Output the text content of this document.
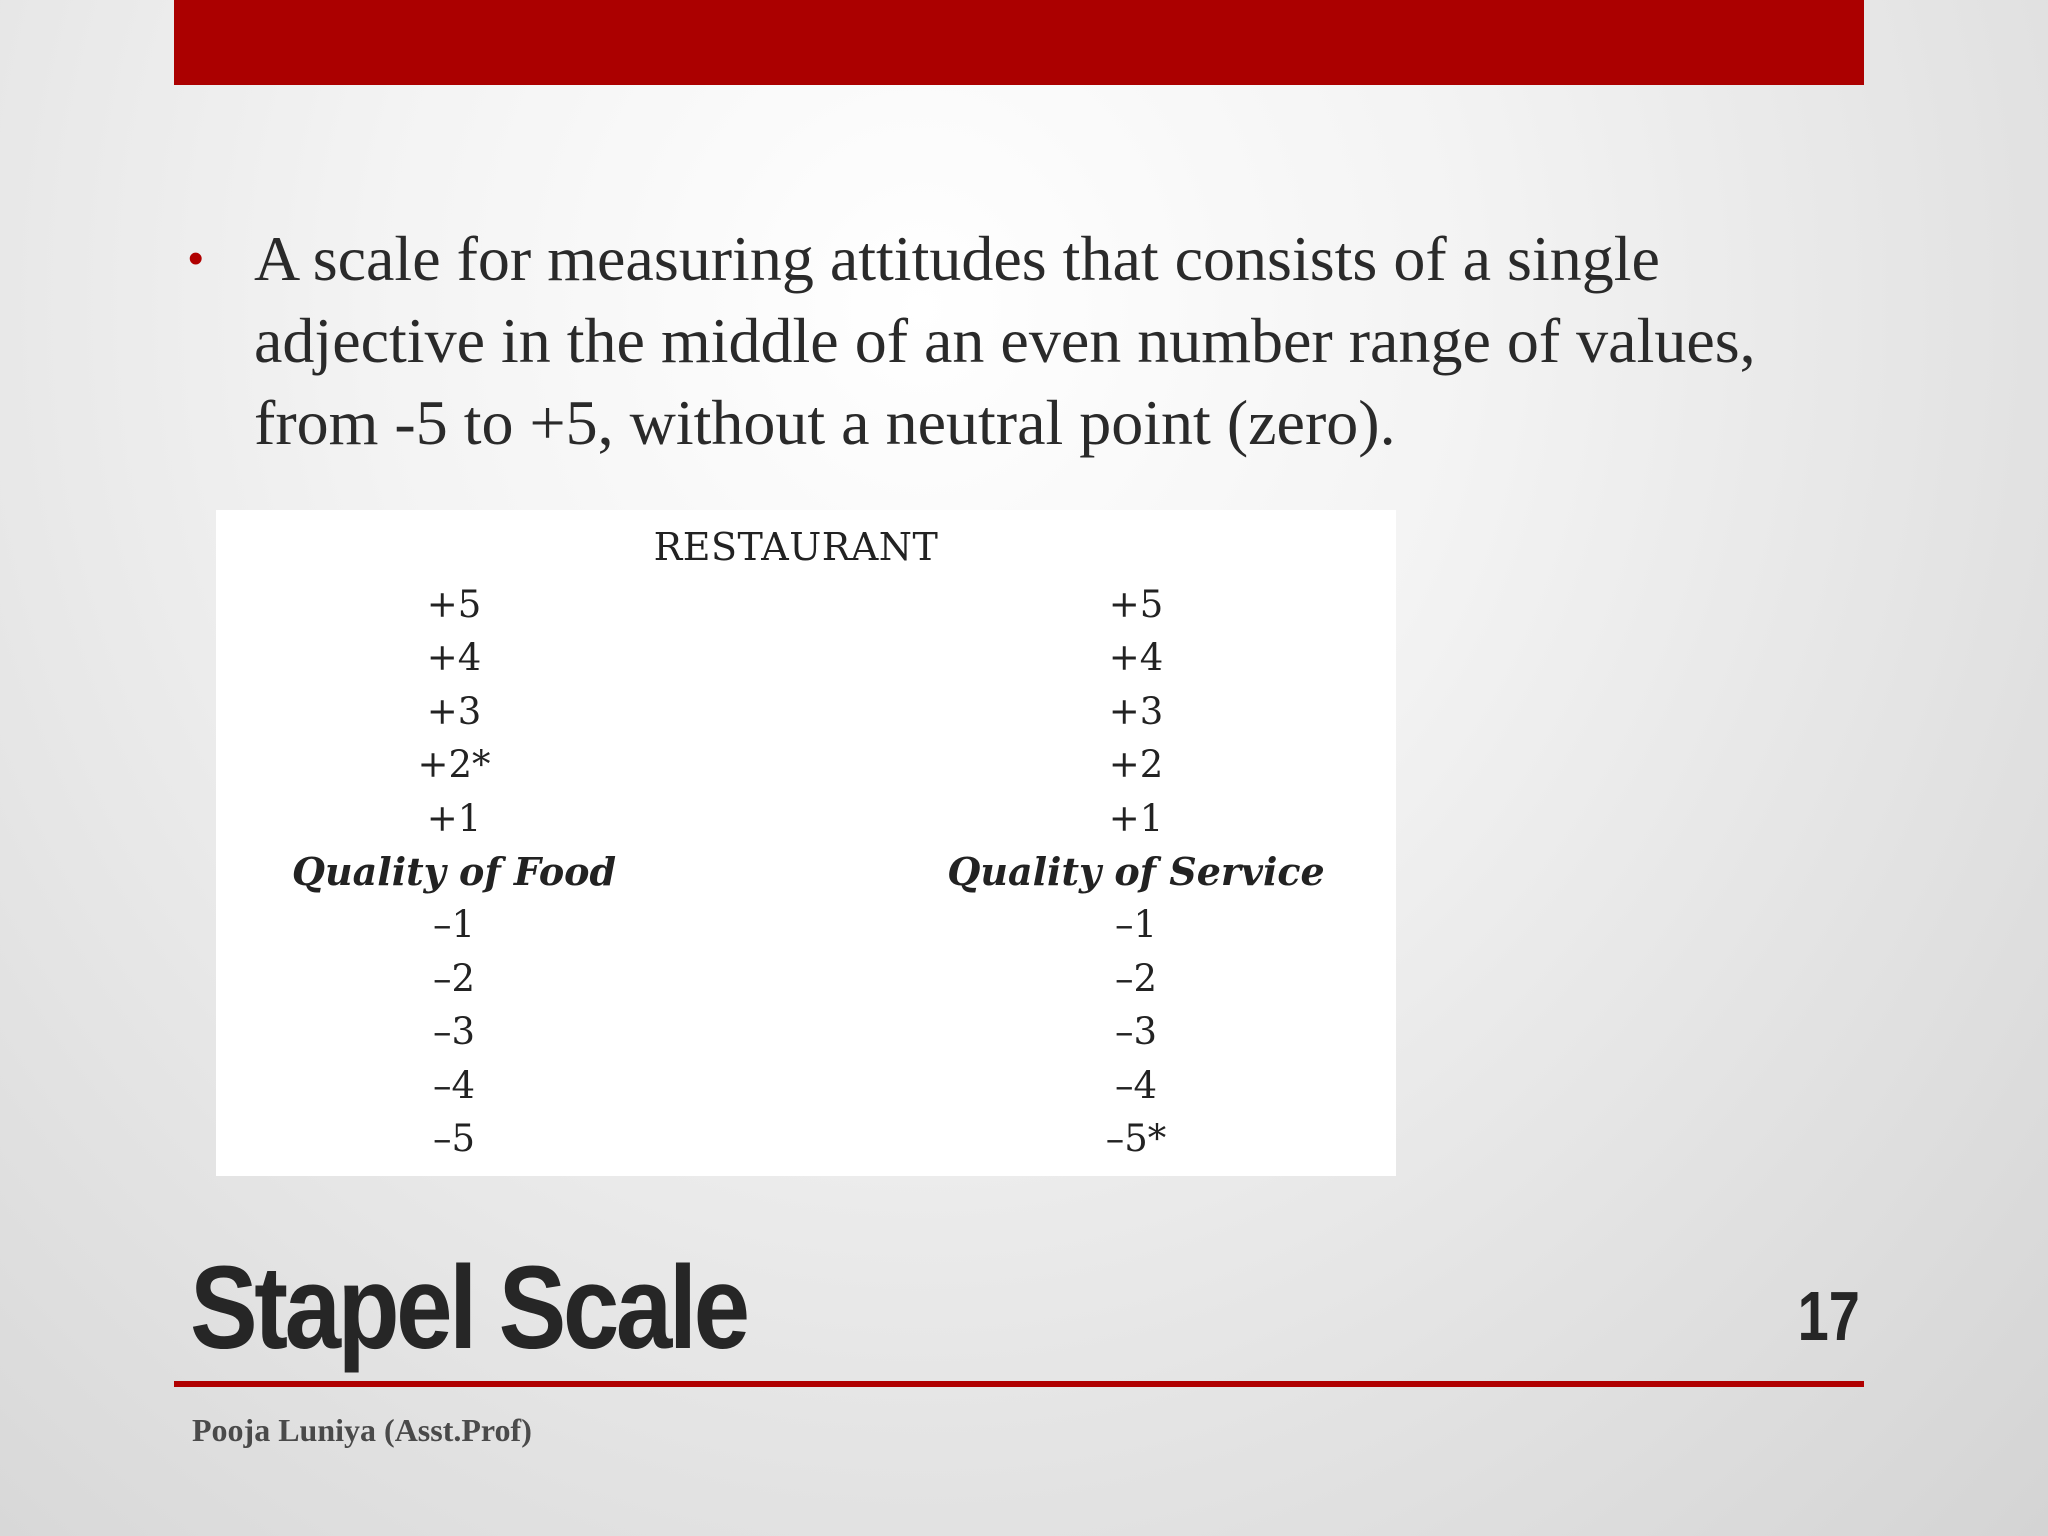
• A scale for measuring attitudes that consists of a single adjective in the middle of an even number range of values, from -5 to +5, without a neutral point (zero).
RESTAURANT
+5
+4
+3
+2*
+1
Quality of Food
–1
–2
–3
–4
–5
+5
+4
+3
+2
+1
Quality of Service
–1
–2
–3
–4
–5*
Stapel Scale	17
Pooja Luniya (Asst.Prof)
